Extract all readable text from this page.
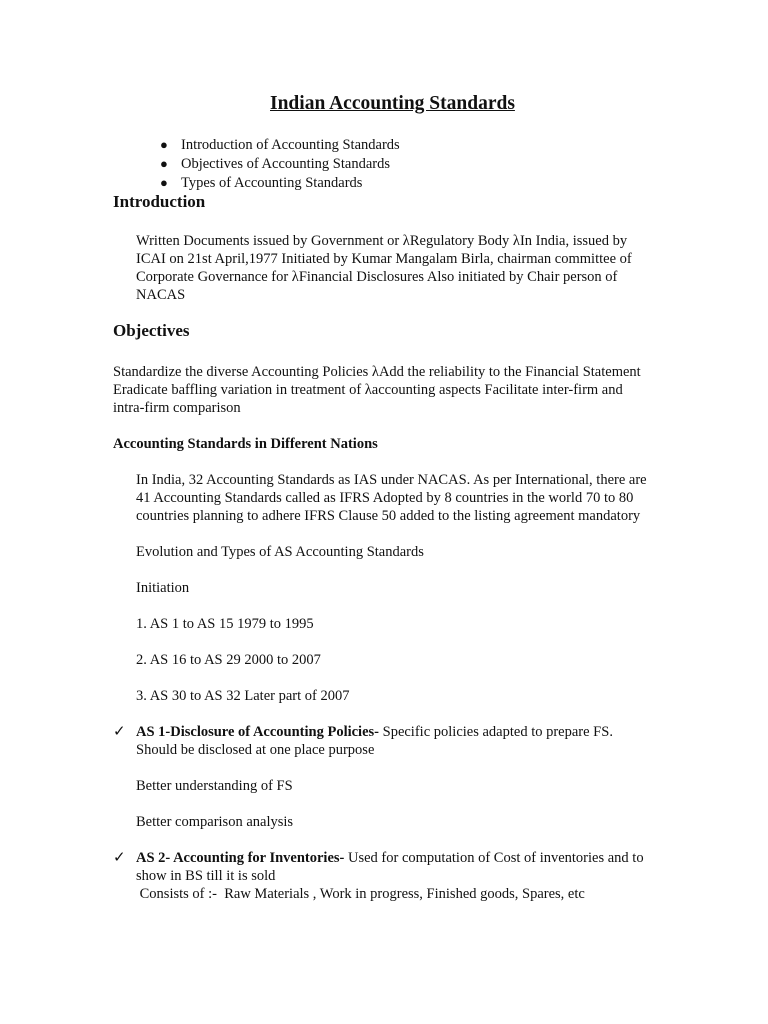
Indian Accounting Standards
● Introduction of Accounting Standards
● Objectives of Accounting Standards
● Types of Accounting Standards
Introduction
Written Documents issued by Government or λRegulatory Body λIn India, issued by
ICAI on 21st April,1977 Initiated by Kumar Mangalam Birla, chairman committee of
Corporate Governance for λFinancial Disclosures Also initiated by Chair person of
NACAS
Objectives
Standardize the diverse Accounting Policies λAdd the reliability to the Financial Statement
Eradicate baffling variation in treatment of λaccounting aspects Facilitate inter-firm and
intra-firm comparison
Accounting Standards in Different Nations
In India, 32 Accounting Standards as IAS under NACAS. As per International, there are
41 Accounting Standards called as IFRS Adopted by 8 countries in the world 70 to 80
countries planning to adhere IFRS Clause 50 added to the listing agreement mandatory
Evolution and Types of AS Accounting Standards
Initiation
1. AS 1 to AS 15 1979 to 1995
2. AS 16 to AS 29 2000 to 2007
3. AS 30 to AS 32 Later part of 2007
✓ AS 1-Disclosure of Accounting Policies- Specific policies adapted to prepare FS.
Should be disclosed at one place purpose
Better understanding of FS
Better comparison analysis
✓ AS 2- Accounting for Inventories- Used for computation of Cost of inventories and to
show in BS till it is sold
Consists of :-  Raw Materials , Work in progress, Finished goods, Spares, etc
